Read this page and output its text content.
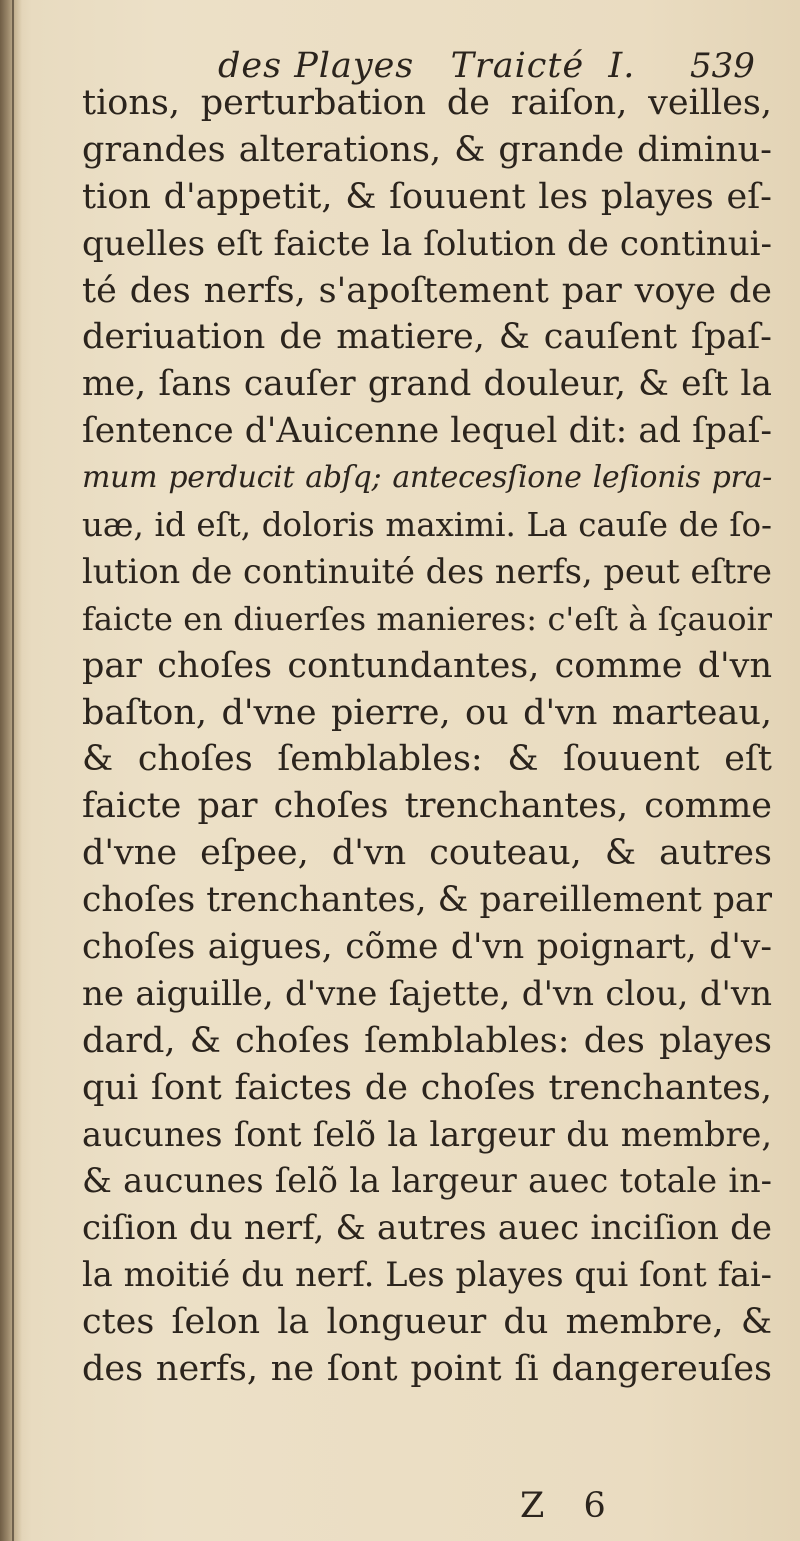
des Playes   Traicté  I. 539
tions, perturbation de raiſon, veilles,
grandes alterations, & grande diminu-
tion d'appetit, & ſouuent les playes eſ-
quelles eſt faicte la ſolution de continui-
té des nerfs, s'apoſtement par voye de
deriuation de matiere, & cauſent ſpaſ-
me, ſans cauſer grand douleur, & eſt la
ſentence d'Auicenne lequel dit: ad ſpaſ-
mum perducit abſq; antecesſione leſionis pra-
uæ, id eſt, doloris maximi. La cauſe de ſo-
lution de continuité des nerfs, peut eſtre
faicte en diuerſes manieres: c'eſt à ſçauoir
par choſes contundantes, comme d'vn
baſton, d'vne pierre, ou d'vn marteau,
& choſes ſemblables: & ſouuent eſt
faicte par choſes trenchantes, comme
d'vne eſpee, d'vn couteau, & autres
choſes trenchantes, & pareillement par
choſes aigues, cõme d'vn poignart, d'v-
ne aiguille, d'vne ſajette, d'vn clou, d'vn
dard, & choſes ſemblables: des playes
qui ſont faictes de choſes trenchantes,
aucunes ſont ſelõ la largeur du membre,
& aucunes ſelõ la largeur auec totale in-
ciſion du nerf, & autres auec inciſion de
la moitié du nerf. Les playes qui ſont fai-
ctes ſelon la longueur du membre, &
des nerfs, ne ſont point ſi dangereuſes
Z 6
